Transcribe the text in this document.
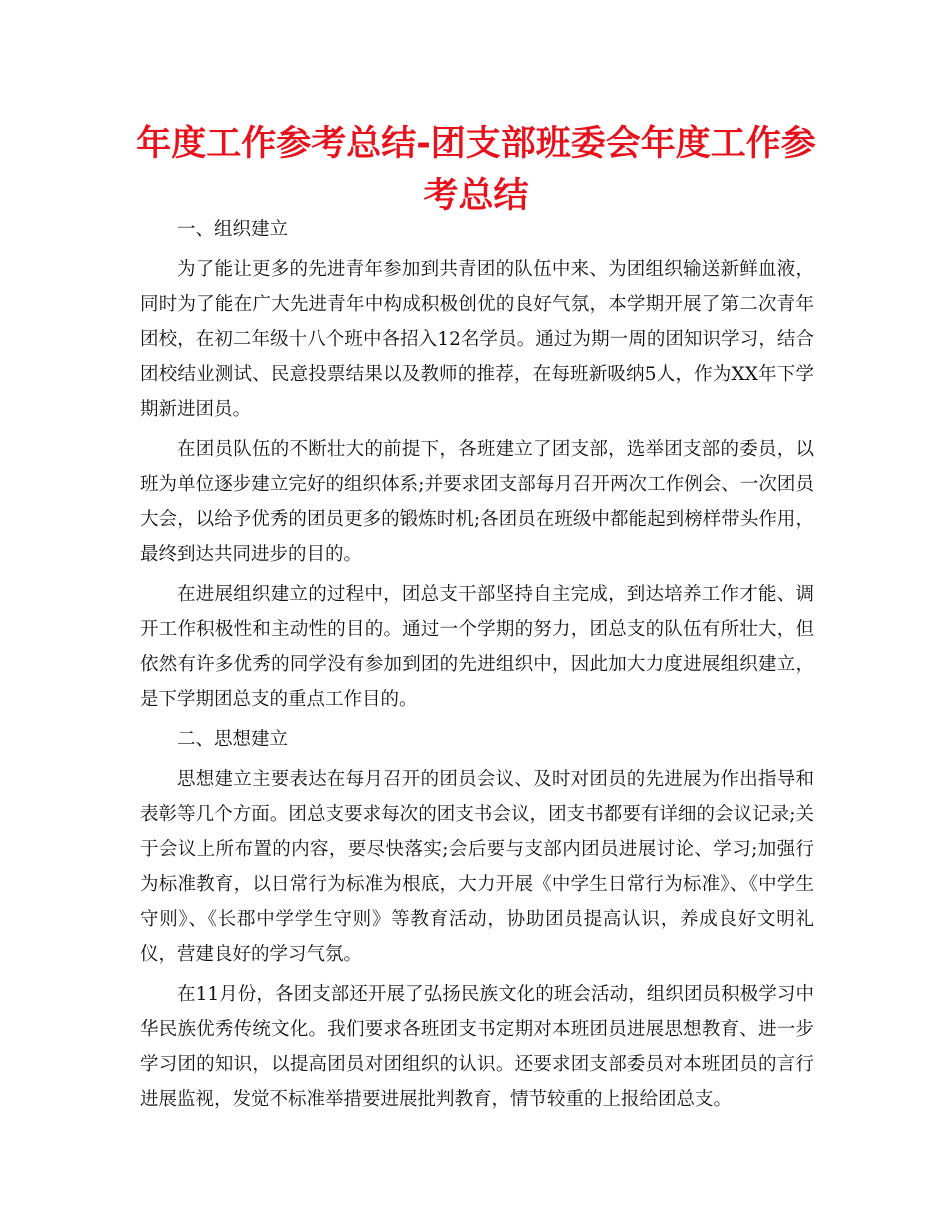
年度工作参考总结-团支部班委会年度工作参考总结

一、组织建立

为了能让更多的先进青年参加到共青团的队伍中来、为团组织输送新鲜血液，同时为了能在广大先进青年中构成积极创优的良好气氛，本学期开展了第二次青年团校，在初二年级十八个班中各招入12名学员。通过为期一周的团知识学习，结合团校结业测试、民意投票结果以及教师的推荐，在每班新吸纳5人，作为XX年下学期新进团员。

在团员队伍的不断壮大的前提下，各班建立了团支部，选举团支部的委员，以班为单位逐步建立完好的组织体系;并要求团支部每月召开两次工作例会、一次团员大会，以给予优秀的团员更多的锻炼时机;各团员在班级中都能起到榜样带头作用，最终到达共同进步的目的。

在进展组织建立的过程中，团总支干部坚持自主完成，到达培养工作才能、调开工作积极性和主动性的目的。通过一个学期的努力，团总支的队伍有所壮大，但依然有许多优秀的同学没有参加到团的先进组织中，因此加大力度进展组织建立，是下学期团总支的重点工作目的。

二、思想建立

思想建立主要表达在每月召开的团员会议、及时对团员的先进展为作出指导和表彰等几个方面。团总支要求每次的团支书会议，团支书都要有详细的会议记录;关于会议上所布置的内容，要尽快落实;会后要与支部内团员进展讨论、学习;加强行为标准教育，以日常行为标准为根底，大力开展《中学生日常行为标准》、《中学生守则》、《长郡中学学生守则》等教育活动，协助团员提高认识，养成良好文明礼仪，营建良好的学习气氛。

在11月份，各团支部还开展了弘扬民族文化的班会活动，组织团员积极学习中华民族优秀传统文化。我们要求各班团支书定期对本班团员进展思想教育、进一步学习团的知识，以提高团员对团组织的认识。还要求团支部委员对本班团员的言行进展监视，发觉不标准举措要进展批判教育，情节较重的上报给团总支。
